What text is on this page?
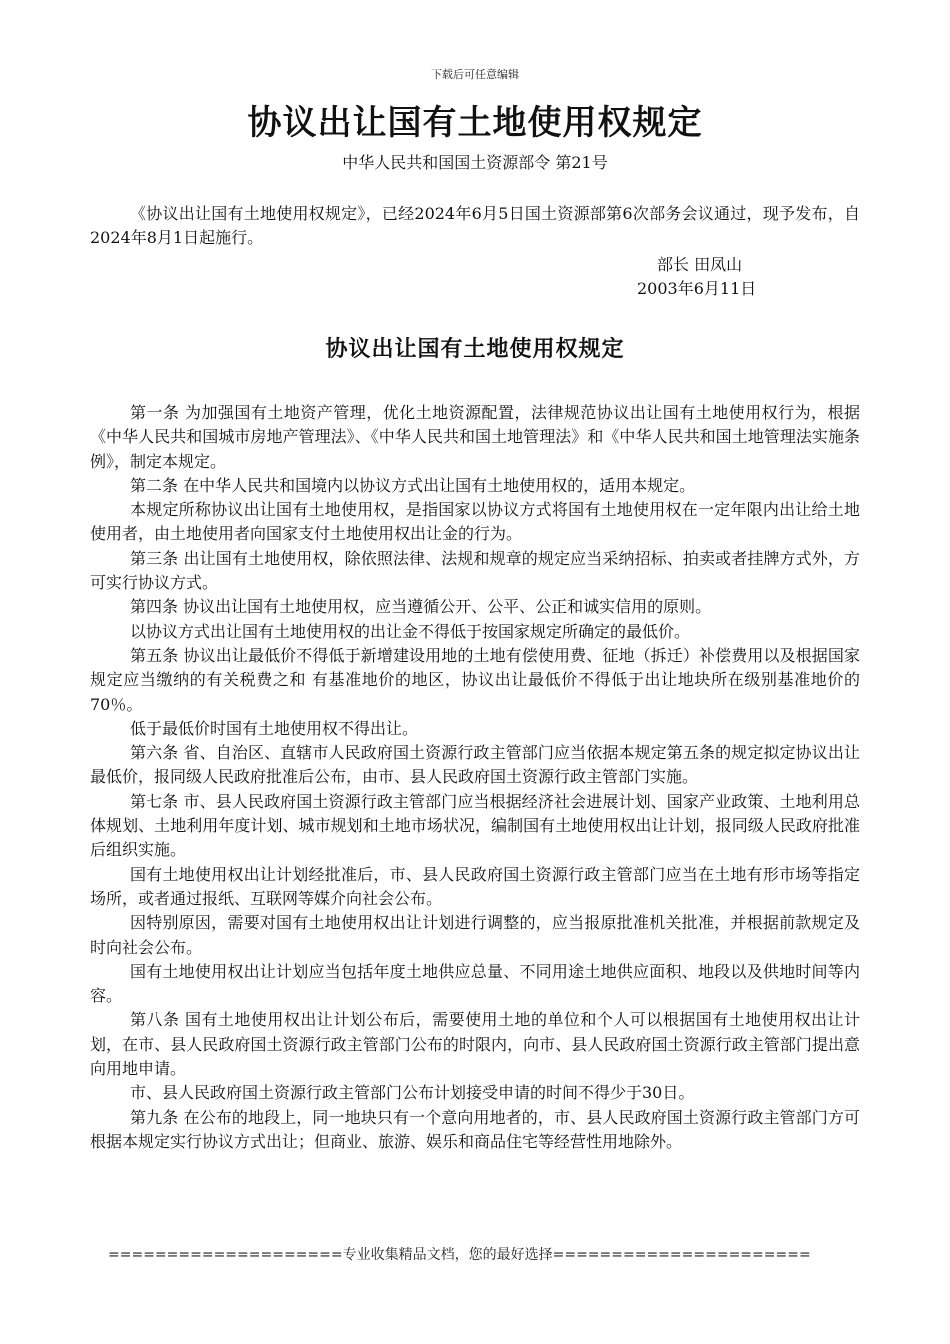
下载后可任意编辑
协议出让国有土地使用权规定
中华人民共和国国土资源部令 第21号

《协议出让国有土地使用权规定》，已经2024年6月5日国土资源部第6次部务会议通过，现予发布，自2024年8月1日起施行。

部长 田凤山
2003年6月11日
协议出让国有土地使用权规定

第一条 为加强国有土地资产管理，优化土地资源配置，法律规范协议出让国有土地使用权行为，根据《中华人民共和国城市房地产管理法》、《中华人民共和国土地管理法》和《中华人民共和国土地管理法实施条例》，制定本规定。

第二条 在中华人民共和国境内以协议方式出让国有土地使用权的，适用本规定。

本规定所称协议出让国有土地使用权，是指国家以协议方式将国有土地使用权在一定年限内出让给土地使用者，由土地使用者向国家支付土地使用权出让金的行为。

第三条 出让国有土地使用权，除依照法律、法规和规章的规定应当采纳招标、拍卖或者挂牌方式外，方可实行协议方式。

第四条 协议出让国有土地使用权，应当遵循公开、公平、公正和诚实信用的原则。

以协议方式出让国有土地使用权的出让金不得低于按国家规定所确定的最低价。

第五条 协议出让最低价不得低于新增建设用地的土地有偿使用费、征地（拆迁）补偿费用以及根据国家规定应当缴纳的有关税费之和 有基准地价的地区，协议出让最低价不得低于出让地块所在级别基准地价的70％。

低于最低价时国有土地使用权不得出让。

第六条 省、自治区、直辖市人民政府国土资源行政主管部门应当依据本规定第五条的规定拟定协议出让最低价，报同级人民政府批准后公布，由市、县人民政府国土资源行政主管部门实施。

第七条 市、县人民政府国土资源行政主管部门应当根据经济社会进展计划、国家产业政策、土地利用总体规划、土地利用年度计划、城市规划和土地市场状况，编制国有土地使用权出让计划，报同级人民政府批准后组织实施。

国有土地使用权出让计划经批准后，市、县人民政府国土资源行政主管部门应当在土地有形市场等指定场所，或者通过报纸、互联网等媒介向社会公布。

因特别原因，需要对国有土地使用权出让计划进行调整的，应当报原批准机关批准，并根据前款规定及时向社会公布。

国有土地使用权出让计划应当包括年度土地供应总量、不同用途土地供应面积、地段以及供地时间等内容。

第八条 国有土地使用权出让计划公布后，需要使用土地的单位和个人可以根据国有土地使用权出让计划，在市、县人民政府国土资源行政主管部门公布的时限内，向市、县人民政府国土资源行政主管部门提出意向用地申请。

市、县人民政府国土资源行政主管部门公布计划接受申请的时间不得少于30日。

第九条 在公布的地段上，同一地块只有一个意向用地者的，市、县人民政府国土资源行政主管部门方可根据本规定实行协议方式出让；但商业、旅游、娱乐和商品住宅等经营性用地除外。

====================专业收集精品文档，您的最好选择======================
